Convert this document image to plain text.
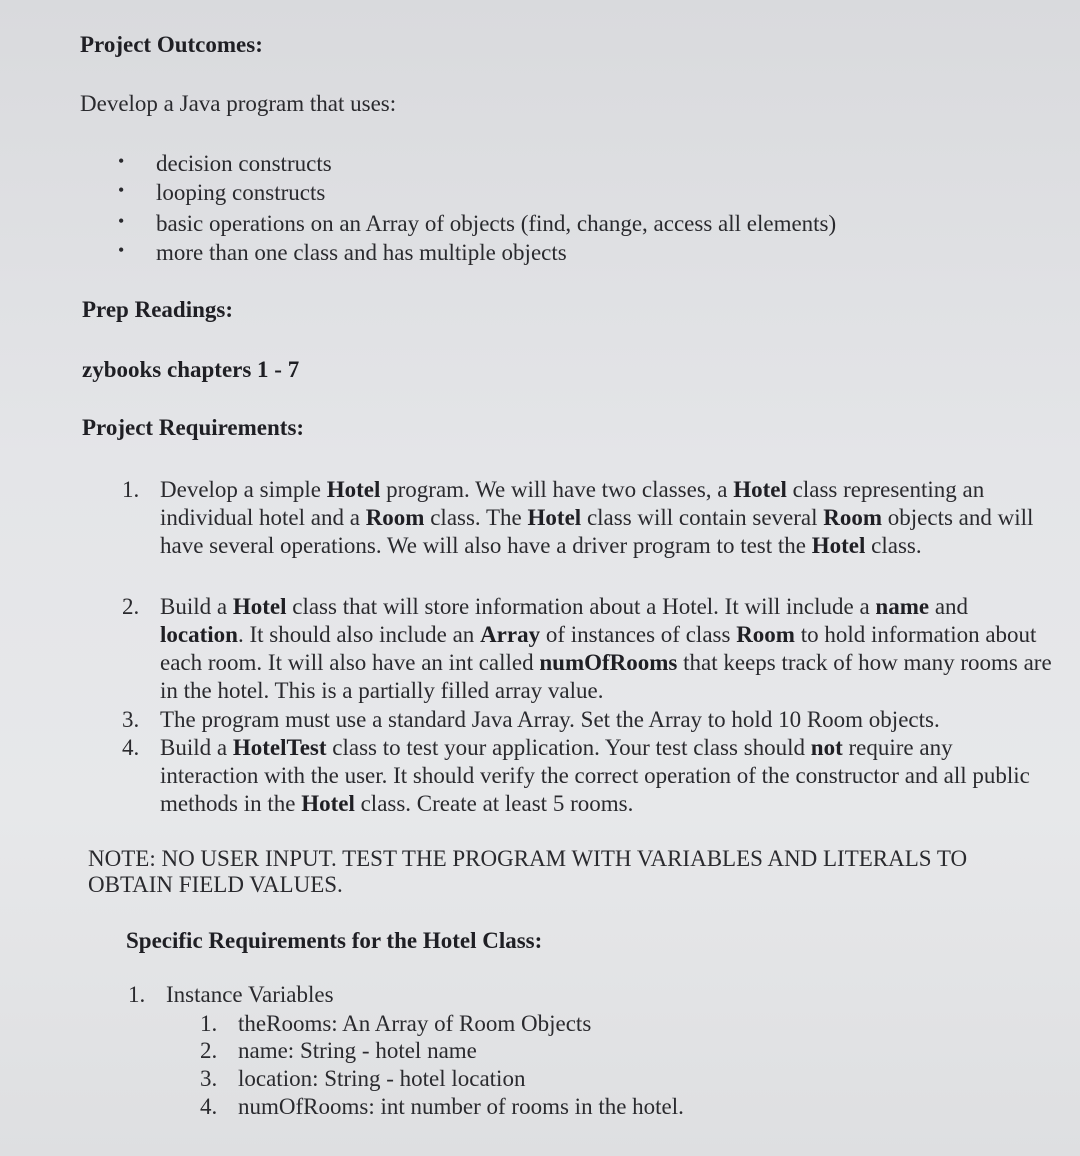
Project Outcomes:
Develop a Java program that uses:
• decision constructs
• looping constructs
• basic operations on an Array of objects (find, change, access all elements)
• more than one class and has multiple objects
Prep Readings:
zybooks chapters 1 - 7
Project Requirements:
1. Develop a simple Hotel program. We will have two classes, a Hotel class representing an individual hotel and a Room class. The Hotel class will contain several Room objects and will have several operations. We will also have a driver program to test the Hotel class.
2. Build a Hotel class that will store information about a Hotel. It will include a name and location. It should also include an Array of instances of class Room to hold information about each room. It will also have an int called numOfRooms that keeps track of how many rooms are in the hotel. This is a partially filled array value.
3. The program must use a standard Java Array. Set the Array to hold 10 Room objects.
4. Build a HotelTest class to test your application. Your test class should not require any interaction with the user. It should verify the correct operation of the constructor and all public methods in the Hotel class. Create at least 5 rooms.
NOTE: NO USER INPUT. TEST THE PROGRAM WITH VARIABLES AND LITERALS TO OBTAIN FIELD VALUES.
Specific Requirements for the Hotel Class:
1. Instance Variables
1. theRooms: An Array of Room Objects
2. name: String - hotel name
3. location: String - hotel location
4. numOfRooms: int number of rooms in the hotel.
